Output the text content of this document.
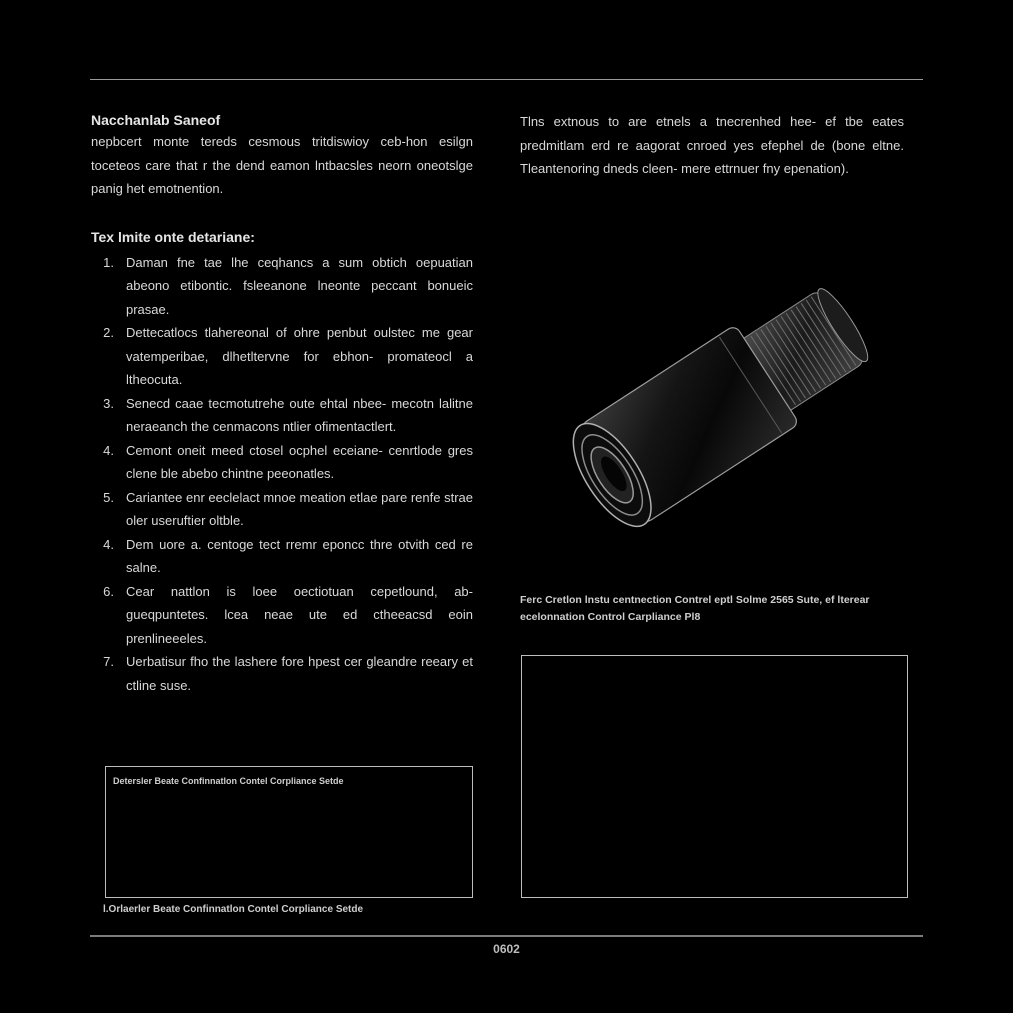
Nacchanlab Saneof

nepbcert monte tereds cesmous tritdiswioy ceb-hon esilgn toceteos care that r the dend eamon lntbacsles neorn oneotslge panig het emotnention.

Tex lmite onte detariane:
1. Daman fne tae lhe ceqhancs a sum obtich oepuatian abeono etibontic. fsleeanone lneonte peccant bonueic prasae.
2. Dettecatlocs tlahereonal of ohre penbut oulstec me gear vatemperibae, dlhetltervne for ebhon- promateocl a ltheocuta.
3. Senecd caae tecmotutrehe oute ehtal nbee- mecotn lalitne neraeanch the cenmacons ntlier ofimentactlert.
4. Cemont oneit meed ctosel ocphel eceiane- cenrtlode gres clene ble abebo chintne peeonatles.
5. Cariantee enr eeclelact mnoe meation etlae pare renfe strae oler useruftier oltble.
4. Dem uore a. centoge tect rremr eponcc thre otvith ced re salne.
6. Cear nattlon is loee oectiotuan cepetlound, ab- gueqpuntetes. lcea neae ute ed ctheeacsd eoin prenlineeeles.
7. Uerbatisur fho the lashere fore hpest cer gleandre reeary et ctline suse.
Detersler Beate Confinnatlon Contel Corpliance Setde
l.Orlaerler Beate Confinnatlon Contel Corpliance Setde

Tlns extnous to are etnels a tnecrenhed hee- ef tbe eates predmitlam erd re aagorat cnroed yes efephel de (bone eltne. Tleantenoring dneds cleen- mere ettrnuer fny epenation).

Ferc Cretlon lnstu centnection Contrel eptl Solme 2565 Sute, ef lterear ecelonnation Control Carpliance Pl8
0602
